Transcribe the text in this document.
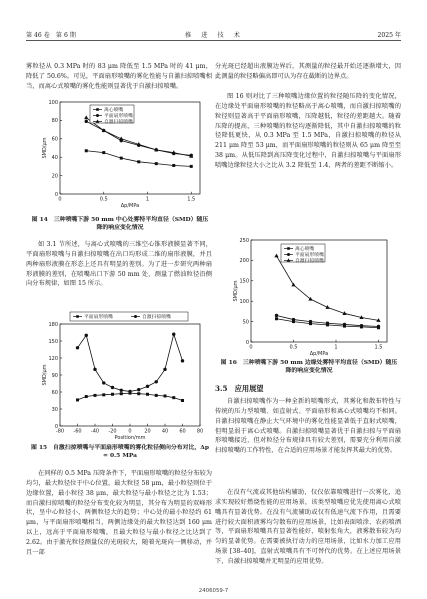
第 46 卷　第 6 期	推　进　技　术	2025 年

雾粒径从 0.3 MPa 时的 83 μm 降低至 1.5 MPa 时的 41 μm，降低了 50.6%。可见，平面扇形喷嘴的雾化性能与自激扫掠喷嘴相当，而离心式喷嘴的雾化性能则显著优于自激扫掠喷嘴。

0	0.5	1	1.5
0
20
40
60
80
100
Δp/MPa
SMD/μm
离心喷嘴
平面扇形喷嘴
自激扫掠喷嘴

图 14　三种喷嘴下游 50 mm 中心处雾特平均直径（SMD）随压降的响应变化情况

如 3.1 节所述，与离心式喷嘴的三维空心锥形液膜显著不同，平面扇形喷嘴与自激扫掠喷嘴在出口均形成二维的扇形液膜，并且两种扇形液膜在形态上还具有明显的差别。为了进一步研究两种扇形液膜的差别，在喷嘴出口下游 50 mm 处，测量了燃油粒径沿侧向分布规律，如图 15 所示。

-80 -60 -40 -20 0	20 40 60 80
0
30
60
90
120
150
180
Position/mm
SMD/μm
平面扇形喷嘴	自激扫掠喷嘴

图 15　自激扫掠喷嘴与平面扇形喷嘴的雾化粒径侧向分布对比，Δp = 0.5 MPa

在同样的 0.5 MPa 压降条件下，平面扇形喷嘴的粒径分布较为均匀，最大粒径位于中心位置，最大粒径 58 μm，最小粒径则位于边缘位置，最小粒径 38 μm，最大粒径与最小粒径之比为 1.53；而自激扫掠喷嘴的粒径分布变化较为明显，其分布为明显的双峰形状，呈中心粒径小，两侧粒径大的趋势；中心处的最小粒径约 61 μm，与平面扇形喷嘴相当，两侧边缘处的最大粒径达到 160 μm 以上，远高于平面扇形喷嘴，且最大粒径与最小粒径之比达到了 2.62。由于激光粒径测量仪的光斑较大，随着光斑向一侧移动，并且一部

分光斑已经超出液膜边界后，其测量的粒径最开始还逐渐增大，因此测量的粒径略偏高即可认为存在截断的边界点。

图 16 则对比了三种喷嘴边缘位置的粒径随压降的变化情况，在边缘处平面扇形喷嘴的粒径略高于离心喷嘴，而自激扫掠喷嘴的粒径则显著高于平面扇形喷嘴，压降越低，粒径的差距越大。随着压降的提高，三种喷嘴的粒径均逐渐降低，其中自激扫掠喷嘴的粒径降低更快，从 0.3 MPa 至 1.5 MPa，自激扫掠喷嘴的粒径从 211 μm 降至 53 μm，而平面扇形喷嘴的粒径则从 65 μm 降至至 38 μm。从低压降到高压降变化过程中，自激扫掠喷嘴与平面扇形喷嘴边缘粒径大小之比从 3.2 降低至 1.4，两者的差距不断缩小。

0	0.5	1	1.5
0
50
100
150
200
250
Δp/MPa
SMD/μm
离心喷嘴
平面扇形喷嘴
自激扫掠喷嘴

图 16　三种喷嘴下游 50 mm 边缘处雾特平均直径（SMD）随压降的响应变化情况

3.5　应用展望

自激扫掠喷嘴作为一种全新的喷嘴形式，其雾化和散布特性与传统的压力型喷嘴、如直射式、平面扇形和离心式喷嘴均不相同。自激扫掠喷嘴在静止大气环境中的雾化性能显著低于直射式喷嘴，但明显弱于离心式喷嘴。自激扫掠喷嘴显著优于自激扫掠与平面扇形喷嘴接近，但对粒径分布规律具有较大差别，需要充分利用自激扫掠喷嘴的工作特性，在合适的应用场景才能发挥其最大的优势。

在没有气流或其他结构辅助，仅仅依靠喷嘴进行一次雾化，追求实现较好燃烧性能的应用场景，该类型喷嘴应优先使用离心式喷嘴具有显著优势。在没有气流辅助或仅有低速气流下作用，且需要进行较大面积液雾均匀散布的应用场景，比如表面喷涂、农药喷洒等，平面扇形喷嘴具有显著性能好，喷射张角大，液雾散布较为均匀的显著优势。在需要被执行动力的应用场景，比如水力加工应用场景 [38–40]，直射式喷嘴具有不可替代的优势。在上述应用场景下，自激扫掠喷嘴并无明显的应用优势。

2406059-7
